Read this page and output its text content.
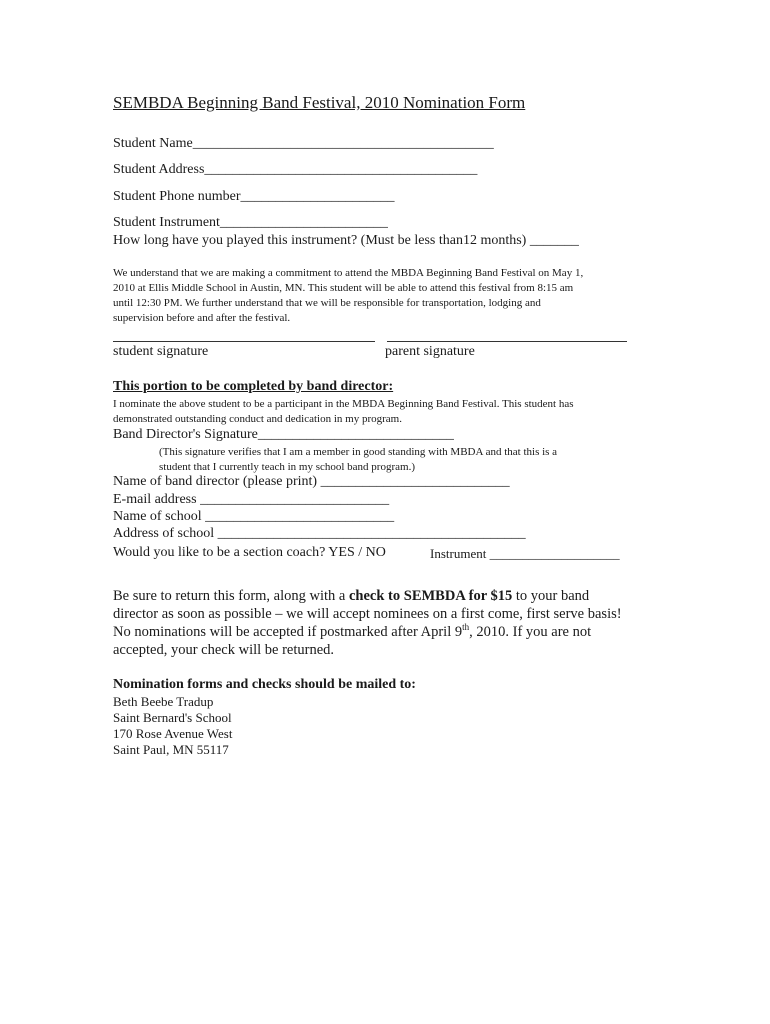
SEMBDA Beginning Band Festival, 2010 Nomination Form
Student Name___________________________________________
Student Address_______________________________________
Student Phone number______________________
Student Instrument________________________
How long have you played this instrument? (Must be less than12 months) _______
We understand that we are making a commitment to attend the MBDA Beginning Band Festival on May 1,
2010 at Ellis Middle School in Austin, MN. This student will be able to attend this festival from 8:15 am
until 12:30 PM. We further understand that we will be responsible for transportation, lodging and
supervision before and after the festival.
student signature	parent signature
This portion to be completed by band director:
I nominate the above student to be a participant in the MBDA Beginning Band Festival. This student has
demonstrated outstanding conduct and dedication in my program.
Band Director's Signature____________________________
(This signature verifies that I am a member in good standing with MBDA and that this is a
student that I currently teach in my school band program.)
Name of band director (please print) ___________________________
E-mail address ___________________________
Name of school ___________________________
Address of school ____________________________________________
Would you like to be a section coach? YES / NO	Instrument ____________________
Be sure to return this form, along with a check to SEMBDA for $15 to your band
director as soon as possible – we will accept nominees on a first come, first serve basis!
No nominations will be accepted if postmarked after April 9th, 2010. If you are not
accepted, your check will be returned.
Nomination forms and checks should be mailed to:
Beth Beebe Tradup
Saint Bernard's School
170 Rose Avenue West
Saint Paul, MN 55117
